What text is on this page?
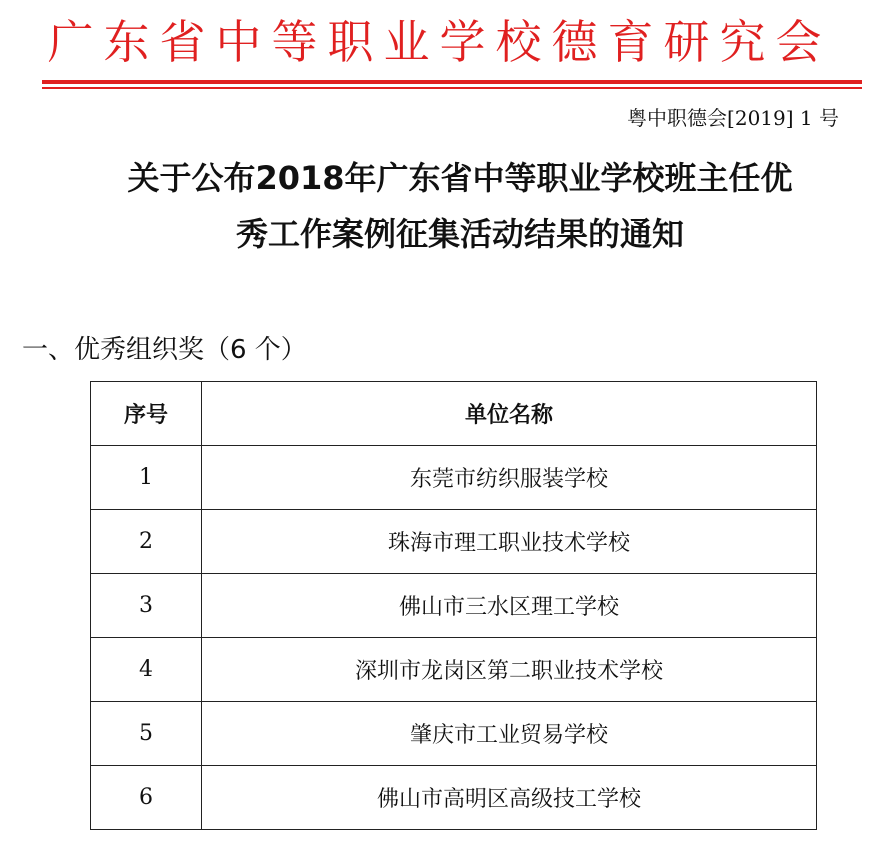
广东省中等职业学校德育研究会
粤中职德会[2019] 1 号
关于公布2018年广东省中等职业学校班主任优
秀工作案例征集活动结果的通知
一、优秀组织奖（6 个）
序号	单位名称
1	东莞市纺织服装学校
2	珠海市理工职业技术学校
3	佛山市三水区理工学校
4	深圳市龙岗区第二职业技术学校
5	肇庆市工业贸易学校
6	佛山市高明区高级技工学校
